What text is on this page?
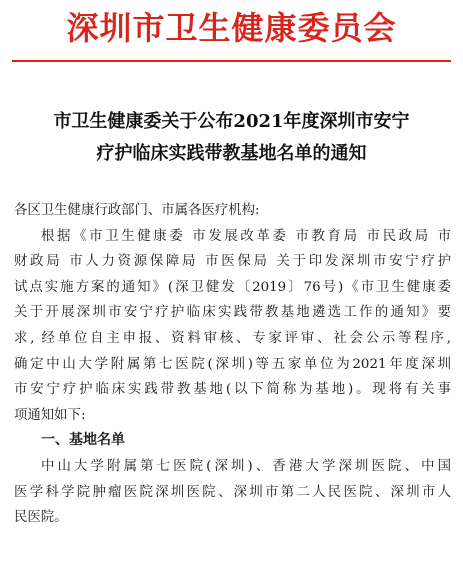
深圳市卫生健康委员会
市卫生健康委关于公布2021年度深圳市安宁
疗护临床实践带教基地名单的通知
各区卫生健康行政部门、市属各医疗机构:
根据《市卫生健康委 市发展改革委 市教育局 市民政局 市
财政局 市人力资源保障局 市医保局 关于印发深圳市安宁疗护
试点实施方案的通知》(深卫健发〔2019〕76号)《市卫生健康委
关于开展深圳市安宁疗护临床实践带教基地遴选工作的通知》要
求, 经单位自主申报、资料审核、专家评审、社会公示等程序,
确定中山大学附属第七医院(深圳)等五家单位为2021年度深圳
市安宁疗护临床实践带教基地(以下简称为基地)。现将有关事
项通知如下:
一、基地名单
中山大学附属第七医院(深圳)、香港大学深圳医院、中国
医学科学院肿瘤医院深圳医院、深圳市第二人民医院、深圳市人
民医院。
